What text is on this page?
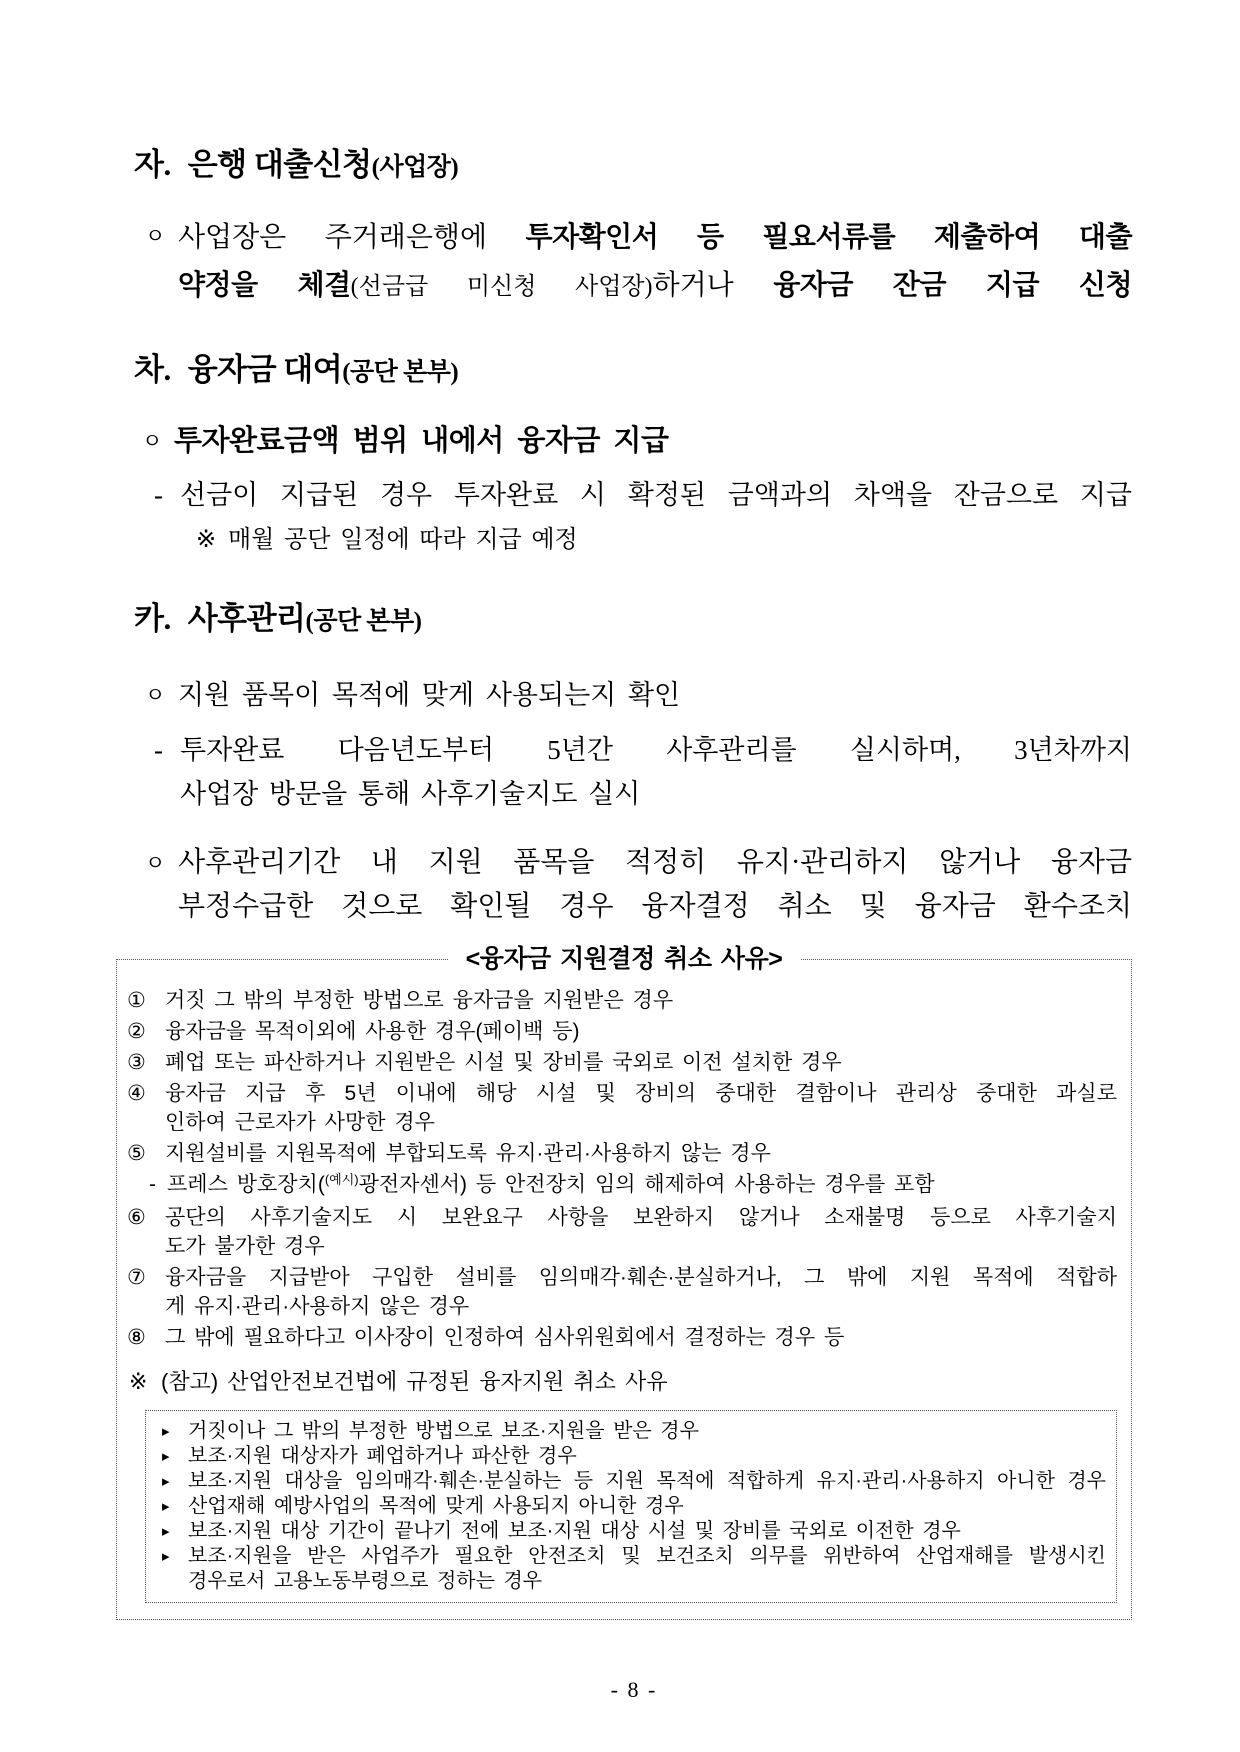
자. 은행 대출신청(사업장)
ㅇ 사업장은 주거래은행에 투자확인서 등 필요서류를 제출하여 대출
약정을 체결(선금급 미신청 사업장)하거나 융자금 잔금 지급 신청
차. 융자금 대여(공단 본부)
ㅇ 투자완료금액 범위 내에서 융자금 지급
- 선금이 지급된 경우 투자완료 시 확정된 금액과의 차액을 잔금으로 지급
※ 매월 공단 일정에 따라 지급 예정
카. 사후관리(공단 본부)
ㅇ 지원 품목이 목적에 맞게 사용되는지 확인
- 투자완료 다음년도부터 5년간 사후관리를 실시하며, 3년차까지
사업장 방문을 통해 사후기술지도 실시
ㅇ 사후관리기간 내 지원 품목을 적정히 유지·관리하지 않거나 융자금
부정수급한 것으로 확인될 경우 융자결정 취소 및 융자금 환수조치
<융자금 지원결정 취소 사유>
① 거짓 그 밖의 부정한 방법으로 융자금을 지원받은 경우
② 융자금을 목적이외에 사용한 경우(페이백 등)
③ 폐업 또는 파산하거나 지원받은 시설 및 장비를 국외로 이전 설치한 경우
④ 융자금 지급 후 5년 이내에 해당 시설 및 장비의 중대한 결함이나 관리상 중대한 과실로
인하여 근로자가 사망한 경우
⑤ 지원설비를 지원목적에 부합되도록 유지·관리·사용하지 않는 경우
- 프레스 방호장치($^{(예시)}$광전자센서) 등 안전장치 임의 해제하여 사용하는 경우를 포함
⑥ 공단의 사후기술지도 시 보완요구 사항을 보완하지 않거나 소재불명 등으로 사후기술지
도가 불가한 경우
⑦ 융자금을 지급받아 구입한 설비를 임의매각·훼손·분실하거나, 그 밖에 지원 목적에 적합하
게 유지·관리·사용하지 않은 경우
⑧ 그 밖에 필요하다고 이사장이 인정하여 심사위원회에서 결정하는 경우 등
※ (참고) 산업안전보건법에 규정된 융자지원 취소 사유
▸ 거짓이나 그 밖의 부정한 방법으로 보조·지원을 받은 경우
▸ 보조·지원 대상자가 폐업하거나 파산한 경우
▸ 보조·지원 대상을 임의매각·훼손·분실하는 등 지원 목적에 적합하게 유지·관리·사용하지 아니한 경우
▸ 산업재해 예방사업의 목적에 맞게 사용되지 아니한 경우
▸ 보조·지원 대상 기간이 끝나기 전에 보조·지원 대상 시설 및 장비를 국외로 이전한 경우
▸ 보조·지원을 받은 사업주가 필요한 안전조치 및 보건조치 의무를 위반하여 산업재해를 발생시킨
경우로서 고용노동부령으로 정하는 경우
- 8 -
